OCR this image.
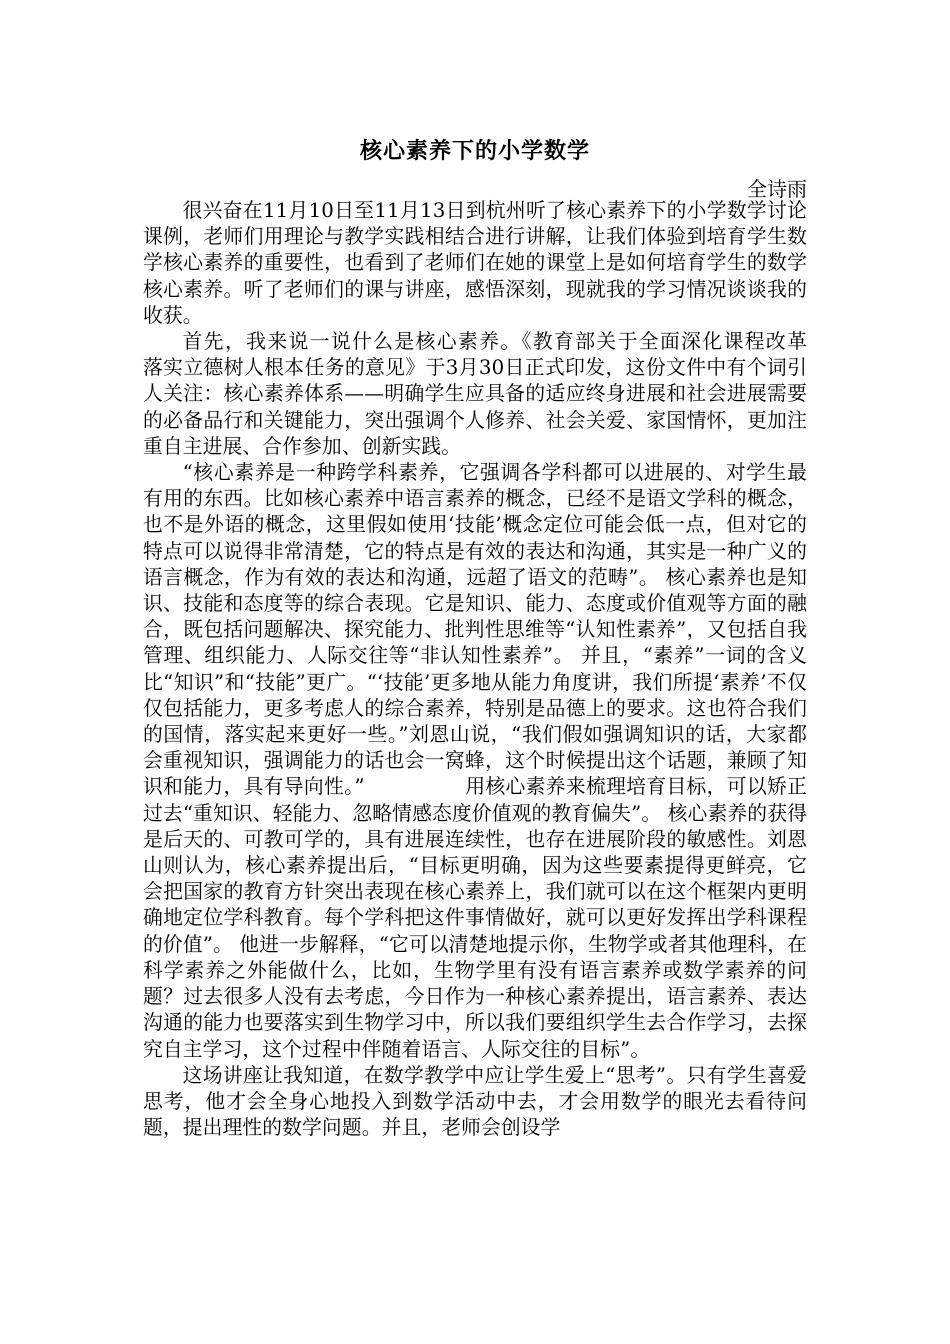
核心素养下的小学数学
全诗雨

很兴奋在11月10日至11月13日到杭州听了核心素养下的小学数学讨论课例，老师们用理论与教学实践相结合进行讲解，让我们体验到培育学生数学核心素养的重要性，也看到了老师们在她的课堂上是如何培育学生的数学核心素养。听了老师们的课与讲座，感悟深刻，现就我的学习情况谈谈我的收获。

首先，我来说一说什么是核心素养。《教育部关于全面深化课程改革　落实立德树人根本任务的意见》于3月30日正式印发，这份文件中有个词引人关注：核心素养体系——明确学生应具备的适应终身进展和社会进展需要的必备品行和关键能力，突出强调个人修养、社会关爱、家国情怀，更加注重自主进展、合作参加、创新实践。

“核心素养是一种跨学科素养，它强调各学科都可以进展的、对学生最有用的东西。比如核心素养中语言素养的概念，已经不是语文学科的概念，也不是外语的概念，这里假如使用‘技能’概念定位可能会低一点，但对它的特点可以说得非常清楚，它的特点是有效的表达和沟通，其实是一种广义的语言概念，作为有效的表达和沟通，远超了语文的范畴”。 核心素养也是知识、技能和态度等的综合表现。它是知识、能力、态度或价值观等方面的融合，既包括问题解决、探究能力、批判性思维等“认知性素养”，又包括自我管理、组织能力、人际交往等“非认知性素养”。 并且，“素养”一词的含义比“知识”和“技能”更广。“‘技能’更多地从能力角度讲，我们所提‘素养’不仅仅包括能力，更多考虑人的综合素养，特别是品德上的要求。这也符合我们的国情，落实起来更好一些。”刘恩山说，“我们假如强调知识的话，大家都会重视知识，强调能力的话也会一窝蜂，这个时候提出这个话题，兼顾了知识和能力，具有导向性。”　　　　　用核心素养来梳理培育目标，可以矫正过去“重知识、轻能力、忽略情感态度价值观的教育偏失”。 核心素养的获得是后天的、可教可学的，具有进展连续性，也存在进展阶段的敏感性。刘恩山则认为，核心素养提出后，“目标更明确，因为这些要素提得更鲜亮，它会把国家的教育方针突出表现在核心素养上，我们就可以在这个框架内更明确地定位学科教育。每个学科把这件事情做好，就可以更好发挥出学科课程的价值”。 他进一步解释，“它可以清楚地提示你，生物学或者其他理科，在科学素养之外能做什么，比如，生物学里有没有语言素养或数学素养的问题？过去很多人没有去考虑，今日作为一种核心素养提出，语言素养、表达沟通的能力也要落实到生物学习中，所以我们要组织学生去合作学习，去探究自主学习，这个过程中伴随着语言、人际交往的目标”。

这场讲座让我知道，在数学教学中应让学生爱上“思考”。只有学生喜爱思考，他才会全身心地投入到数学活动中去，才会用数学的眼光去看待问题，提出理性的数学问题。并且，老师会创设学
